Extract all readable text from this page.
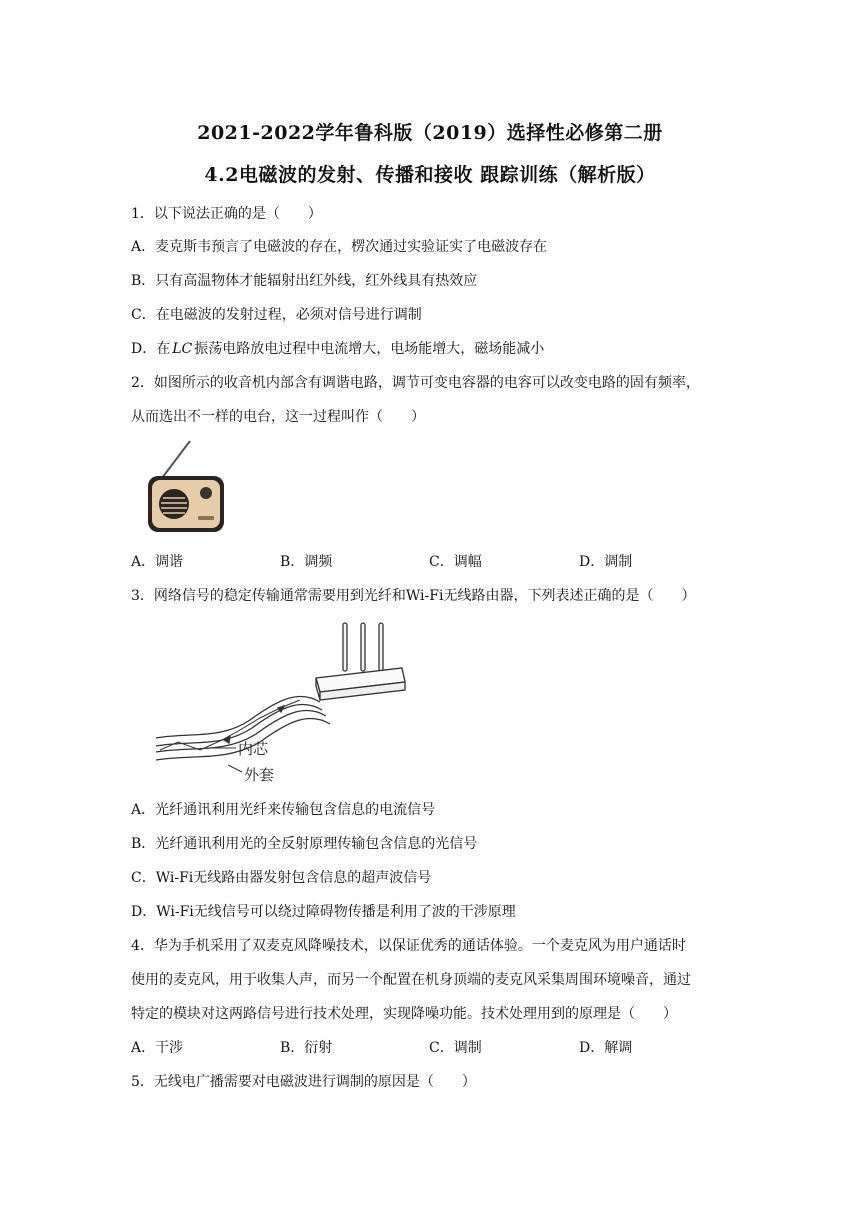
2021-2022学年鲁科版（2019）选择性必修第二册
4.2电磁波的发射、传播和接收 跟踪训练（解析版）
1．以下说法正确的是（　　）
A．麦克斯韦预言了电磁波的存在，楞次通过实验证实了电磁波存在
B．只有高温物体才能辐射出红外线，红外线具有热效应
C．在电磁波的发射过程，必须对信号进行调制
D．在 LC 振荡电路放电过程中电流增大，电场能增大，磁场能减小
2．如图所示的收音机内部含有调谐电路，调节可变电容器的电容可以改变电路的固有频率，
从而选出不一样的电台，这一过程叫作（　　）
A．调谐	B．调频	C．调幅	D．调制
3．网络信号的稳定传输通常需要用到光纤和Wi-Fi无线路由器，下列表述正确的是（　　）
内芯
外套
A．光纤通讯利用光纤来传输包含信息的电流信号
B．光纤通讯利用光的全反射原理传输包含信息的光信号
C．Wi-Fi无线路由器发射包含信息的超声波信号
D．Wi-Fi无线信号可以绕过障碍物传播是利用了波的干涉原理
4．华为手机采用了双麦克风降噪技术，以保证优秀的通话体验。一个麦克风为用户通话时
使用的麦克风，用于收集人声，而另一个配置在机身顶端的麦克风采集周围环境噪音，通过
特定的模块对这两路信号进行技术处理，实现降噪功能。技术处理用到的原理是（　　）
A．干涉	B．衍射	C．调制	D．解调
5．无线电广播需要对电磁波进行调制的原因是（　　）
